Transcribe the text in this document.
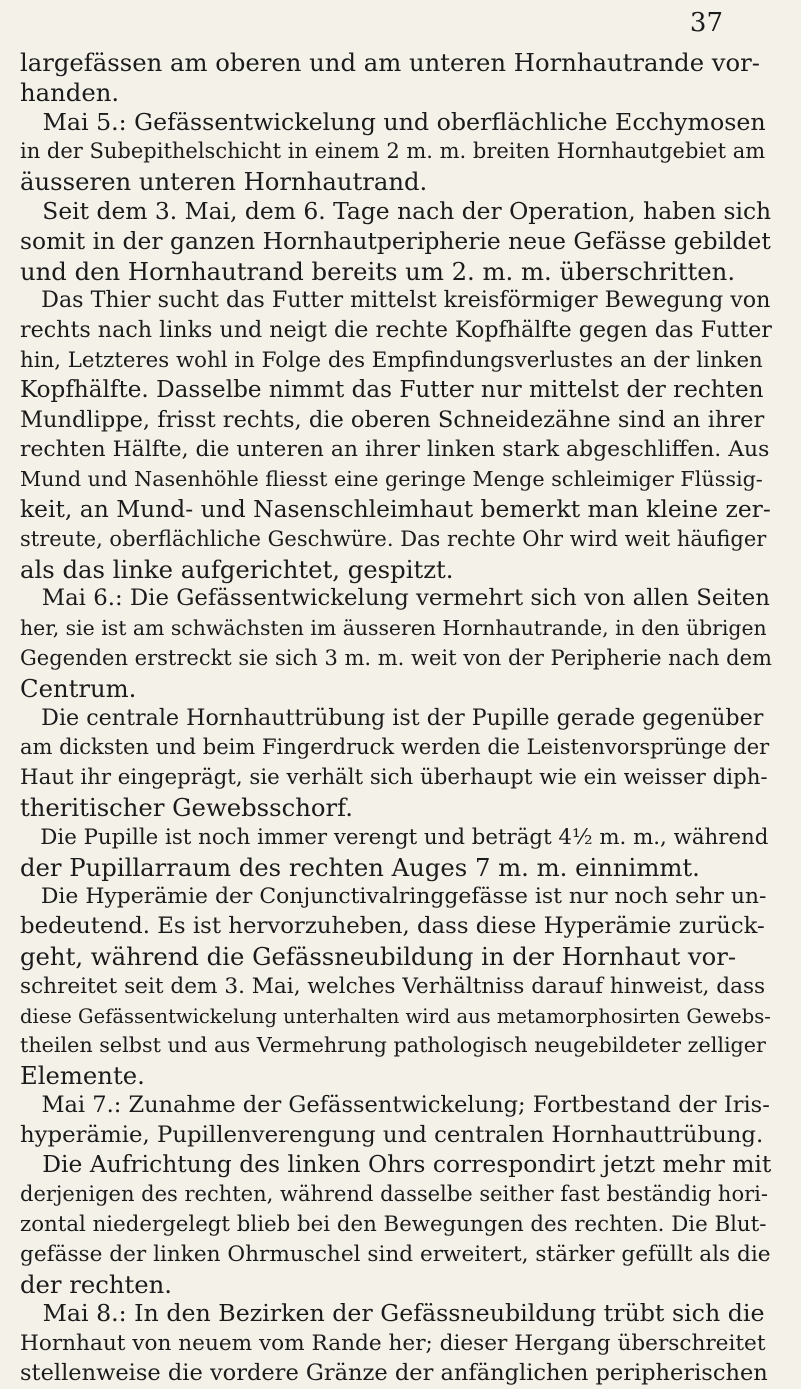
37
largefässen am oberen und am unteren Hornhautrande vor-
handen.
Mai 5.: Gefässentwickelung und oberflächliche Ecchymosen
in der Subepithelschicht in einem 2 m. m. breiten Hornhautgebiet am
äusseren unteren Hornhautrand.
Seit dem 3. Mai, dem 6. Tage nach der Operation, haben sich
somit in der ganzen Hornhautperipherie neue Gefässe gebildet
und den Hornhautrand bereits um 2. m. m. überschritten.
Das Thier sucht das Futter mittelst kreisförmiger Bewegung von
rechts nach links und neigt die rechte Kopfhälfte gegen das Futter
hin, Letzteres wohl in Folge des Empfindungsverlustes an der linken
Kopfhälfte. Dasselbe nimmt das Futter nur mittelst der rechten
Mundlippe, frisst rechts, die oberen Schneidezähne sind an ihrer
rechten Hälfte, die unteren an ihrer linken stark abgeschliffen. Aus
Mund und Nasenhöhle fliesst eine geringe Menge schleimiger Flüssig-
keit, an Mund- und Nasenschleimhaut bemerkt man kleine zer-
streute, oberflächliche Geschwüre. Das rechte Ohr wird weit häufiger
als das linke aufgerichtet, gespitzt.
Mai 6.: Die Gefässentwickelung vermehrt sich von allen Seiten
her, sie ist am schwächsten im äusseren Hornhautrande, in den übrigen
Gegenden erstreckt sie sich 3 m. m. weit von der Peripherie nach dem
Centrum.
Die centrale Hornhauttrübung ist der Pupille gerade gegenüber
am dicksten und beim Fingerdruck werden die Leistenvorsprünge der
Haut ihr eingeprägt, sie verhält sich überhaupt wie ein weisser diph-
theritischer Gewebsschorf.
Die Pupille ist noch immer verengt und beträgt 4½ m. m., während
der Pupillarraum des rechten Auges 7 m. m. einnimmt.
Die Hyperämie der Conjunctivalringgefässe ist nur noch sehr un-
bedeutend. Es ist hervorzuheben, dass diese Hyperämie zurück-
geht, während die Gefässneubildung in der Hornhaut vor-
schreitet seit dem 3. Mai, welches Verhältniss darauf hinweist, dass
diese Gefässentwickelung unterhalten wird aus metamorphosirten Gewebs-
theilen selbst und aus Vermehrung pathologisch neugebildeter zelliger
Elemente.
Mai 7.: Zunahme der Gefässentwickelung; Fortbestand der Iris-
hyperämie, Pupillenverengung und centralen Hornhauttrübung.
Die Aufrichtung des linken Ohrs correspondirt jetzt mehr mit
derjenigen des rechten, während dasselbe seither fast beständig hori-
zontal niedergelegt blieb bei den Bewegungen des rechten. Die Blut-
gefässe der linken Ohrmuschel sind erweitert, stärker gefüllt als die
der rechten.
Mai 8.: In den Bezirken der Gefässneubildung trübt sich die
Hornhaut von neuem vom Rande her; dieser Hergang überschreitet
stellenweise die vordere Gränze der anfänglichen peripherischen
